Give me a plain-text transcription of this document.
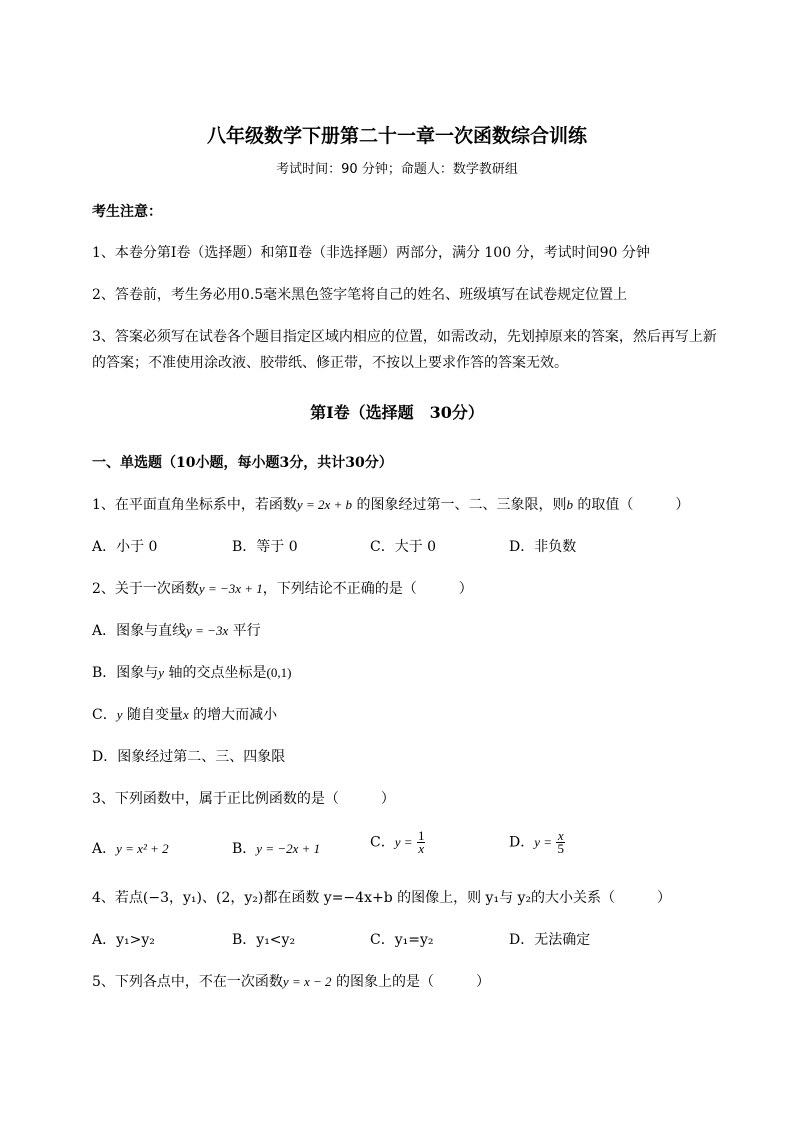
八年级数学下册第二十一章一次函数综合训练
考试时间：90 分钟；命题人：数学教研组
考生注意：
1、本卷分第Ⅰ卷（选择题）和第Ⅱ卷（非选择题）两部分，满分 100 分，考试时间90 分钟
2、答卷前，考生务必用0.5毫米黑色签字笔将自己的姓名、班级填写在试卷规定位置上
3、答案必须写在试卷各个题目指定区域内相应的位置，如需改动，先划掉原来的答案，然后再写上新
的答案；不准使用涂改液、胶带纸、修正带，不按以上要求作答的答案无效。
第Ⅰ卷（选择题　30分）
一、单选题（10小题，每小题3分，共计30分）
1、在平面直角坐标系中，若函数y = 2x + b 的图象经过第一、二、三象限，则b 的取值（　　　）
A．小于 0	B．等于 0	C．大于 0	D．非负数
2、关于一次函数y = −3x + 1，下列结论不正确的是（　　　）
A．图象与直线y = −3x 平行
B．图象与y 轴的交点坐标是(0,1)
C．y 随自变量x 的增大而减小
D．图象经过第二、三、四象限
3、下列函数中，属于正比例函数的是（　　　）
A．y = x² + 2	B．y = −2x + 1	C．$y = \frac{1}{x}$	D．$y = \frac{x}{5}$
4、若点(−3，y₁)、(2，y₂)都在函数 y=−4x+b 的图像上，则 y₁与 y₂的大小关系（　　　）
A．y₁>y₂	B．y₁<y₂	C．y₁=y₂	D．无法确定
5、下列各点中，不在一次函数y = x − 2 的图象上的是（　　　）
